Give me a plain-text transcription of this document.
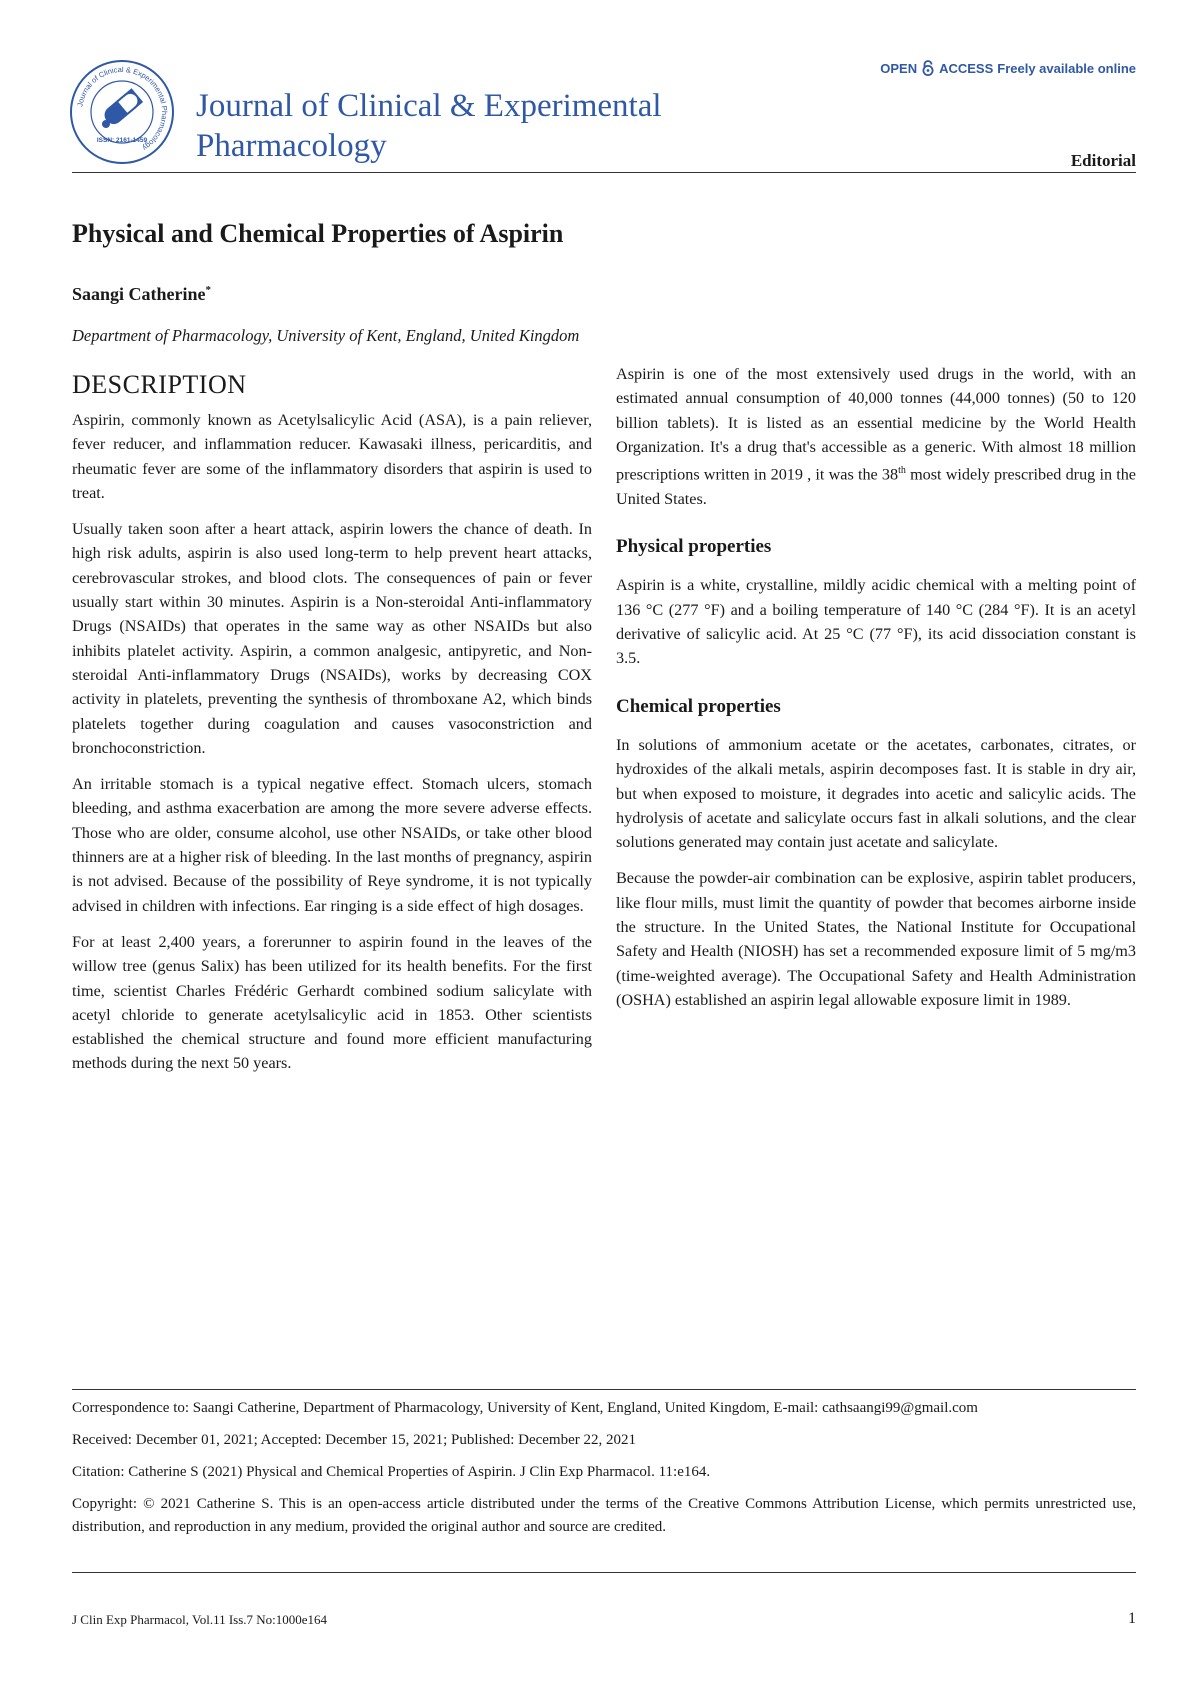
Journal of Clinical & Experimental Pharmacology
ISSN: 2161-1459
Journal of Clinical & Experimental
Pharmacology
OPEN ACCESS Freely available online
Editorial
Physical and Chemical Properties of Aspirin
Saangi Catherine*
Department of Pharmacology, University of Kent, England, United Kingdom
DESCRIPTION

Aspirin, commonly known as Acetylsalicylic Acid (ASA), is a pain reliever, fever reducer, and inflammation reducer. Kawasaki illness, pericarditis, and rheumatic fever are some of the inflammatory disorders that aspirin is used to treat.

Usually taken soon after a heart attack, aspirin lowers the chance of death. In high risk adults, aspirin is also used long-term to help prevent heart attacks, cerebrovascular strokes, and blood clots. The consequences of pain or fever usually start within 30 minutes. Aspirin is a Non-steroidal Anti-inflammatory Drugs (NSAIDs) that operates in the same way as other NSAIDs but also inhibits platelet activity. Aspirin, a common analgesic, antipyretic, and Non-steroidal Anti-inflammatory Drugs (NSAIDs), works by decreasing COX activity in platelets, preventing the synthesis of thromboxane A2, which binds platelets together during coagulation and causes vasoconstriction and bronchoconstriction.

An irritable stomach is a typical negative effect. Stomach ulcers, stomach bleeding, and asthma exacerbation are among the more severe adverse effects. Those who are older, consume alcohol, use other NSAIDs, or take other blood thinners are at a higher risk of bleeding. In the last months of pregnancy, aspirin is not advised. Because of the possibility of Reye syndrome, it is not typically advised in children with infections. Ear ringing is a side effect of high dosages.

For at least 2,400 years, a forerunner to aspirin found in the leaves of the willow tree (genus Salix) has been utilized for its health benefits. For the first time, scientist Charles Frédéric Gerhardt combined sodium salicylate with acetyl chloride to generate acetylsalicylic acid in 1853. Other scientists established the chemical structure and found more efficient manufacturing methods during the next 50 years.

Aspirin is one of the most extensively used drugs in the world, with an estimated annual consumption of 40,000 tonnes (44,000 tonnes) (50 to 120 billion tablets). It is listed as an essential medicine by the World Health Organization. It's a drug that's accessible as a generic. With almost 18 million prescriptions written in 2019 , it was the 38th most widely prescribed drug in the United States.

Physical properties

Aspirin is a white, crystalline, mildly acidic chemical with a melting point of 136 °C (277 °F) and a boiling temperature of 140 °C (284 °F). It is an acetyl derivative of salicylic acid. At 25 °C (77 °F), its acid dissociation constant is 3.5.

Chemical properties

In solutions of ammonium acetate or the acetates, carbonates, citrates, or hydroxides of the alkali metals, aspirin decomposes fast. It is stable in dry air, but when exposed to moisture, it degrades into acetic and salicylic acids. The hydrolysis of acetate and salicylate occurs fast in alkali solutions, and the clear solutions generated may contain just acetate and salicylate.

Because the powder-air combination can be explosive, aspirin tablet producers, like flour mills, must limit the quantity of powder that becomes airborne inside the structure. In the United States, the National Institute for Occupational Safety and Health (NIOSH) has set a recommended exposure limit of 5 mg/m3 (time-weighted average). The Occupational Safety and Health Administration (OSHA) established an aspirin legal allowable exposure limit in 1989.

Correspondence to: Saangi Catherine, Department of Pharmacology, University of Kent, England, United Kingdom, E-mail: cathsaangi99@gmail.com

Received: December 01, 2021; Accepted: December 15, 2021; Published: December 22, 2021

Citation: Catherine S (2021) Physical and Chemical Properties of Aspirin. J Clin Exp Pharmacol. 11:e164.

Copyright: © 2021 Catherine S. This is an open-access article distributed under the terms of the Creative Commons Attribution License, which permits unrestricted use, distribution, and reproduction in any medium, provided the original author and source are credited.

J Clin Exp Pharmacol, Vol.11 Iss.7 No:1000e164	1
